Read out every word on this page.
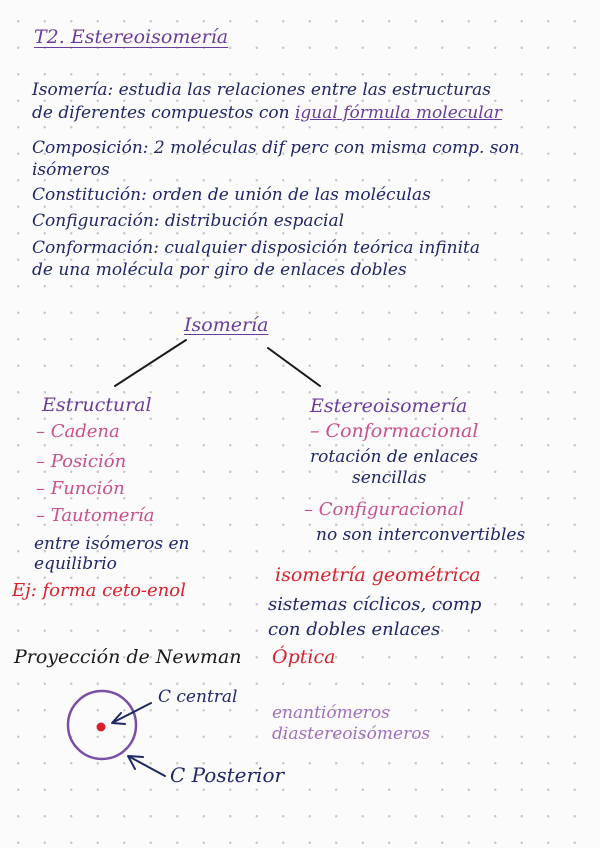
T2. Estereoisomería
Isomería: estudia las relaciones entre las estructuras
de diferentes compuestos con igual fórmula molecular
Composición: 2 moléculas dif perc con misma comp. son
isómeros
Constitución: orden de unión de las moléculas
Configuración: distribución espacial
Conformación: cualquier disposición teórica infinita
de una molécula por giro de enlaces dobles
Isomería
Estructural
– Cadena
– Posición
– Función
– Tautomería
entre isómeros en
equilibrio
Ej: forma ceto-enol
Estereoisomería
– Conformacional
rotación de enlaces
sencillas
– Configuracional
no son interconvertibles
isometría geométrica
sistemas cíclicos, comp
con dobles enlaces
Óptica
enantiómeros
diastereoisómeros
Proyección de Newman
C central
C Posterior
